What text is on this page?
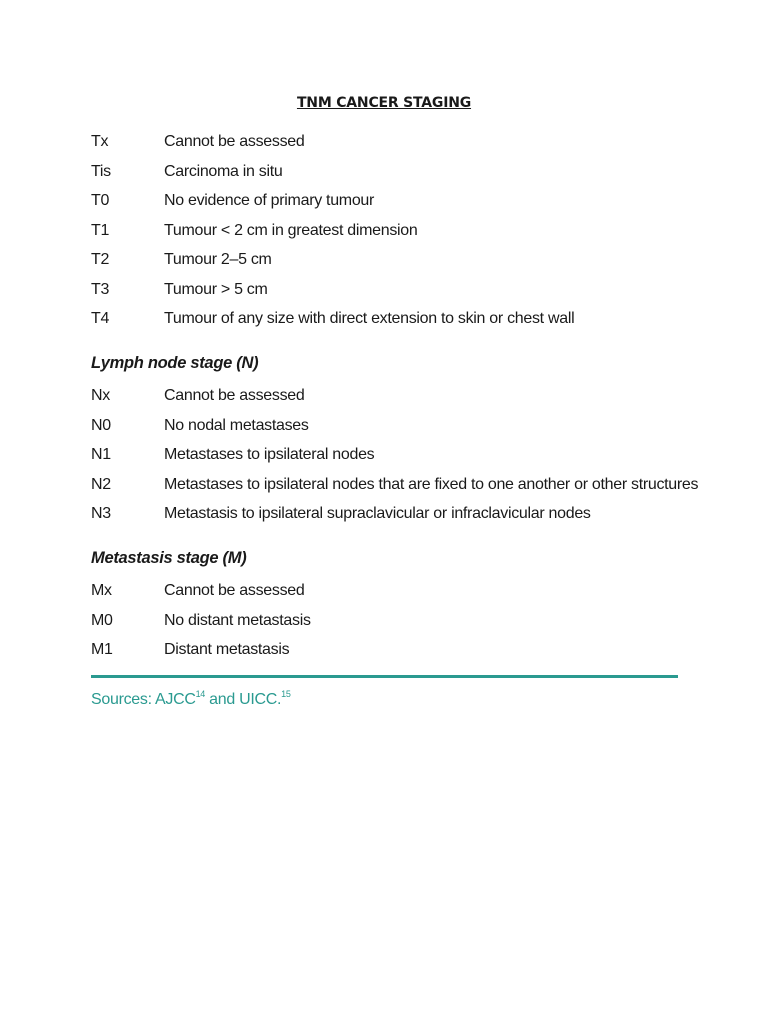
TNM CANCER STAGING
Tx	Cannot be assessed
Tis	Carcinoma in situ
T0	No evidence of primary tumour
T1	Tumour < 2 cm in greatest dimension
T2	Tumour 2–5 cm
T3	Tumour > 5 cm
T4	Tumour of any size with direct extension to skin or chest wall
Lymph node stage (N)
Nx	Cannot be assessed
N0	No nodal metastases
N1	Metastases to ipsilateral nodes
N2	Metastases to ipsilateral nodes that are fixed to one another or other structures
N3	Metastasis to ipsilateral supraclavicular or infraclavicular nodes
Metastasis stage (M)
Mx	Cannot be assessed
M0	No distant metastasis
M1	Distant metastasis
Sources: AJCC$^{14}$ and UICC.$^{15}$
